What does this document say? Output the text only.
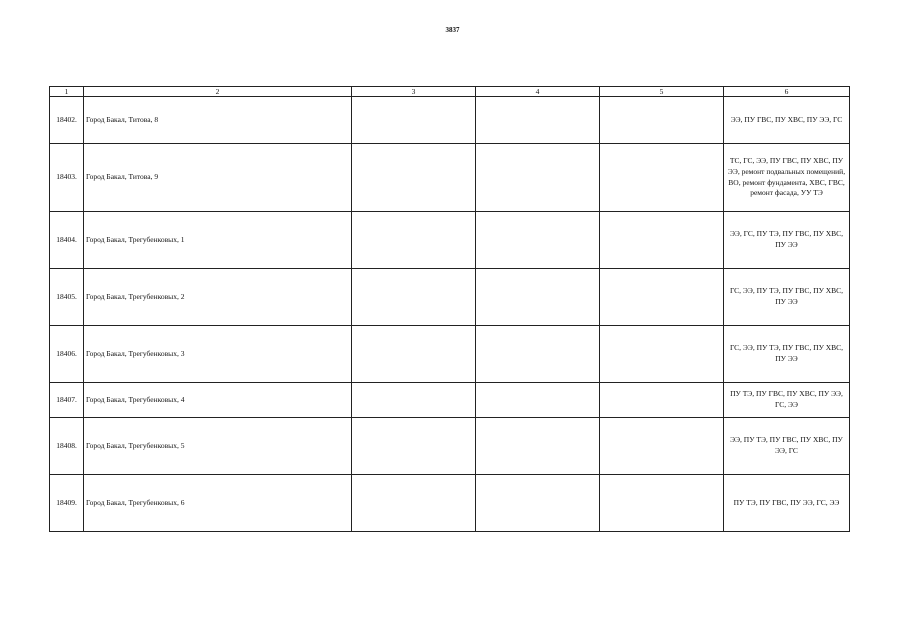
3837
1	2	3	4	5	6
18402.	Город Бакал, Титова, 8				ЭЭ, ПУ ГВС, ПУ ХВС, ПУ ЭЭ, ГС
18403.	Город Бакал, Титова, 9				ТС, ГС, ЭЭ, ПУ ГВС, ПУ ХВС, ПУ ЭЭ, ремонт подвальных помещений, ВО, ремонт фундамента, ХВС, ГВС, ремонт фасада, УУ ТЭ
18404.	Город Бакал, Трегубенковых, 1				ЭЭ, ГС, ПУ ТЭ, ПУ ГВС, ПУ ХВС, ПУ ЭЭ
18405.	Город Бакал, Трегубенковых, 2				ГС, ЭЭ, ПУ ТЭ, ПУ ГВС, ПУ ХВС, ПУ ЭЭ
18406.	Город Бакал, Трегубенковых, 3				ГС, ЭЭ, ПУ ТЭ, ПУ ГВС, ПУ ХВС, ПУ ЭЭ
18407.	Город Бакал, Трегубенковых, 4				ПУ ТЭ, ПУ ГВС, ПУ ХВС, ПУ ЭЭ, ГС, ЭЭ
18408.	Город Бакал, Трегубенковых, 5				ЭЭ, ПУ ТЭ, ПУ ГВС, ПУ ХВС, ПУ ЭЭ, ГС
18409.	Город Бакал, Трегубенковых, 6				ПУ ТЭ, ПУ ГВС, ПУ ЭЭ, ГС, ЭЭ
